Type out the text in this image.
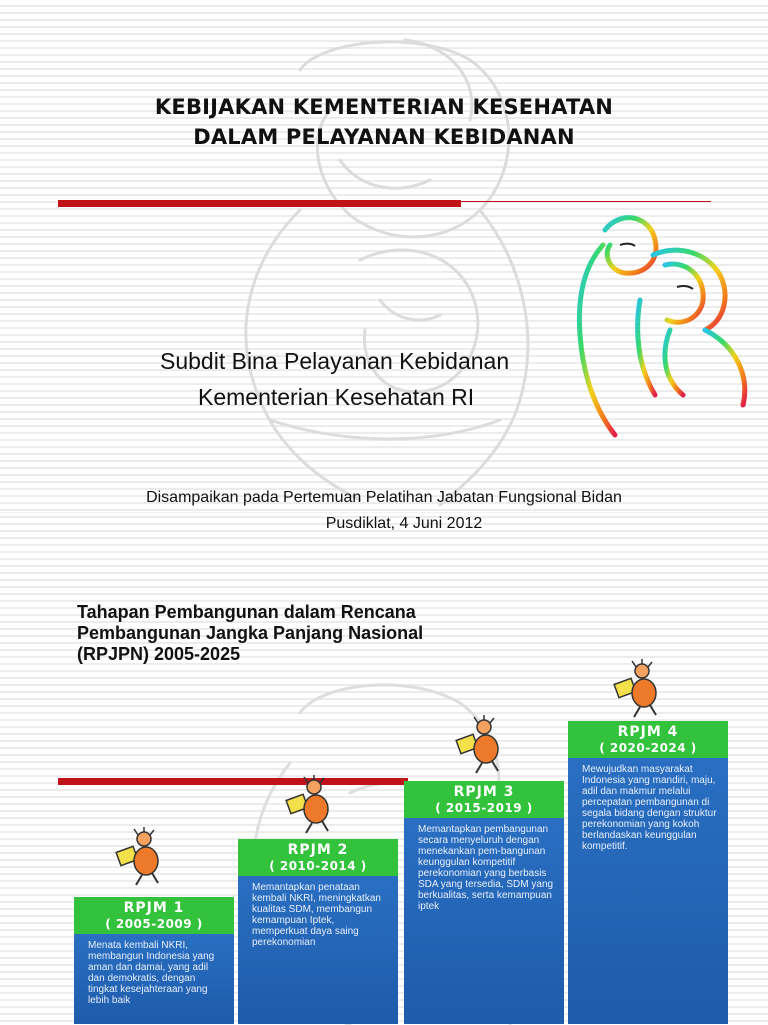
KEBIJAKAN KEMENTERIAN KESEHATAN
DALAM PELAYANAN KEBIDANAN
Subdit Bina Pelayanan Kebidanan
Kementerian Kesehatan RI
Disampaikan pada Pertemuan Pelatihan Jabatan Fungsional Bidan
Pusdiklat, 4 Juni 2012
Tahapan Pembangunan dalam Rencana
Pembangunan Jangka Panjang Nasional
(RPJPN) 2005-2025
RPJM 1
( 2005-2009 )
Menata kembali NKRI, membangun Indonesia yang aman dan damai, yang adil dan demokratis, dengan tingkat kesejahteraan yang lebih baik
RPJM 2
( 2010-2014 )
Memantapkan penataan kembali NKRI, meningkatkan kualitas SDM, membangun kemampuan Iptek, memperkuat daya saing perekonomian
RPJM 3
( 2015-2019 )
Memantapkan pembangunan secara menyeluruh dengan menekankan pem-bangunan keunggulan kompetitif perekonomian yang berbasis SDA yang tersedia, SDM yang berkualitas, serta kemampuan iptek
RPJM 4
( 2020-2024 )
Mewujudkan masyarakat Indonesia yang mandiri, maju, adil dan makmur melalui percepatan pembangunan di segala bidang dengan struktur perekonomian yang kokoh berlandaskan keunggulan kompetitif.
